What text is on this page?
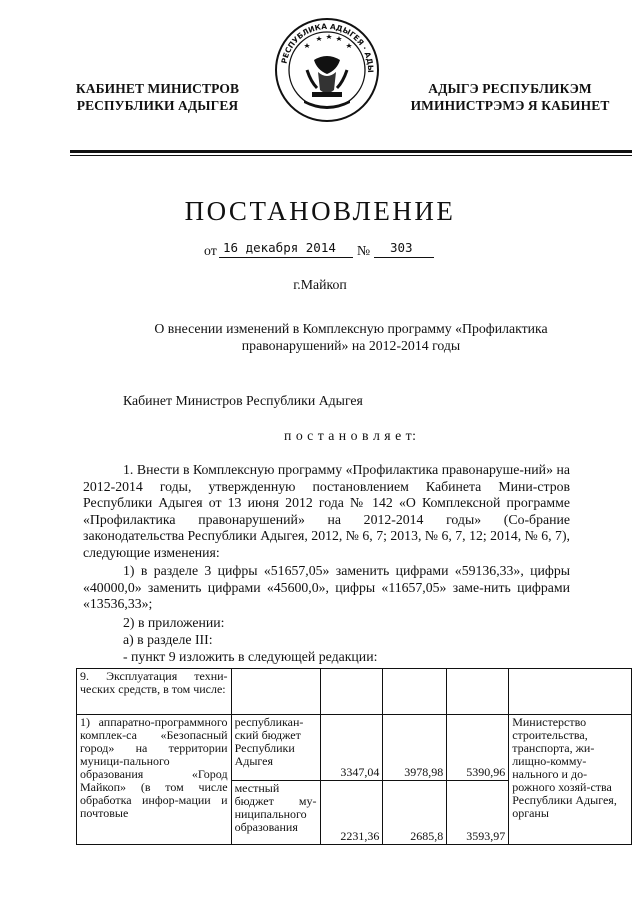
КАБИНЕТ МИНИСТРОВ
РЕСПУБЛИКИ АДЫГЕЯ
РЕСПУБЛИКА АДЫГЕЯ · АДЫ
АДЫГЭ РЕСПУБЛИКЭМ
ИМИНИСТРЭМЭ Я КАБИНЕТ
ПОСТАНОВЛЕНИЕ
от 16 декабря 2014 № 303
г.Майкоп
О внесении изменений в Комплексную программу «Профилактика
правонарушений» на 2012-2014 годы
Кабинет Министров Республики Адыгея
п о с т а н о в л я е т:
1. Внести в Комплексную программу «Профилактика правонаруше-ний» на 2012-2014 годы, утвержденную постановлением Кабинета Мини-стров Республики Адыгея от 13 июня 2012 года № 142 «О Комплексной программе «Профилактика правонарушений» на 2012-2014 годы» (Со-брание законодательства Республики Адыгея, 2012, № 6, 7; 2013, № 6, 7, 12; 2014, № 6, 7), следующие изменения:
1) в разделе 3 цифры «51657,05» заменить цифрами «59136,33», цифры «40000,0» заменить цифрами «45600,0», цифры «11657,05» заме-нить цифрами «13536,33»;
2) в приложении:
а) в разделе III:
- пункт 9 изложить в следующей редакции:
9. Эксплуатация техни-ческих средств, в том числе:					
1) аппаратно-программного комплек-са «Безопасный город» на территории муници-пального образования «Город Майкоп» (в том числе обработка инфор-мации и почтовые	республикан-ский бюджет Республики Адыгея	3347,04	3978,98	5390,96	Министерство строительства, транспорта, жи-лищно-комму-нального и до-рожного хозяй-ства Республики Адыгея, органы
	местный бюджет му-ниципального образования	2231,36	2685,8	3593,97	
